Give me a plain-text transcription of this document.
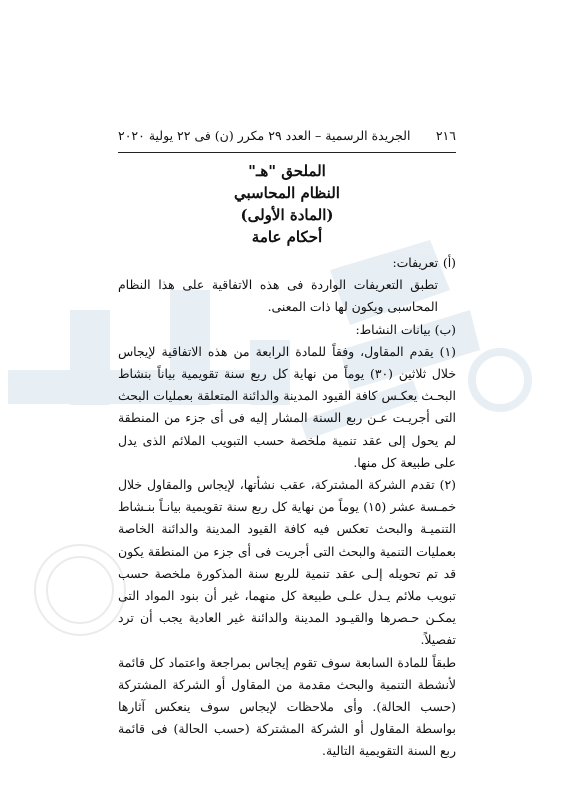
٢١٦
الجريدة الرسمية – العدد ٢٩ مكرر (ن) فى ٢٢ يولية ٢٠٢٠
الملحق "هـ"
النظام المحاسبي
(المادة الأولى)
أحكام عامة

(أ) تعريفات:

تطبق التعريفات الواردة فى هذه الاتفاقية على هذا النظام المحاسبى ويكون لها ذات المعنى.

(ب) بيانات النشاط:

(١) يقدم المقاول، وفقاً للمادة الرابعة من هذه الاتفاقية لإيجاس خلال ثلاثين (٣٠) يوماً من نهاية كل ربع سنة تقويمية بياناً بنشاط البحـث يعكـس كافة القيود المدينة والدائنة المتعلقة بعمليات البحث التى أجريـت عـن ربع السنة المشار إليه فى أى جزء من المنطقة لم يحول إلى عقد تنمية ملخصة حسب التبويب الملائم الذى يدل على طبيعة كل منها.

(٢) تقدم الشركة المشتركة، عقب نشأتها، لإيجاس والمقاول خلال خمـسة عشر (١٥) يوماً من نهاية كل ربع سنة تقويمية بيانـاً بنـشاط التنميـة والبحث تعكس فيه كافة القيود المدينة والدائنة الخاصة بعمليات التنمية والبحث التى أجريت فى أى جزء من المنطقة يكون قد تم تحويله إلـى عقد تنمية للربع سنة المذكورة ملخصة حسب تبويب ملائم يـدل علـى طبيعة كل منهما، غير أن بنود المواد التى يمكـن حـصرها والقيـود المدينة والدائنة غير العادية يجب أن ترد تفصيلاً.

طبقاً للمادة السابعة سوف تقوم إيجاس بمراجعة واعتماد كل قائمة لأنشطة التنمية والبحث مقدمة من المقاول أو الشركة المشتركة (حسب الحالة). وأى ملاحظات لإيجاس سوف ينعكس آثارها بواسطة المقاول أو الشركة المشتركة (حسب الحالة) فى قائمة ربع السنة التقويمية التالية.
